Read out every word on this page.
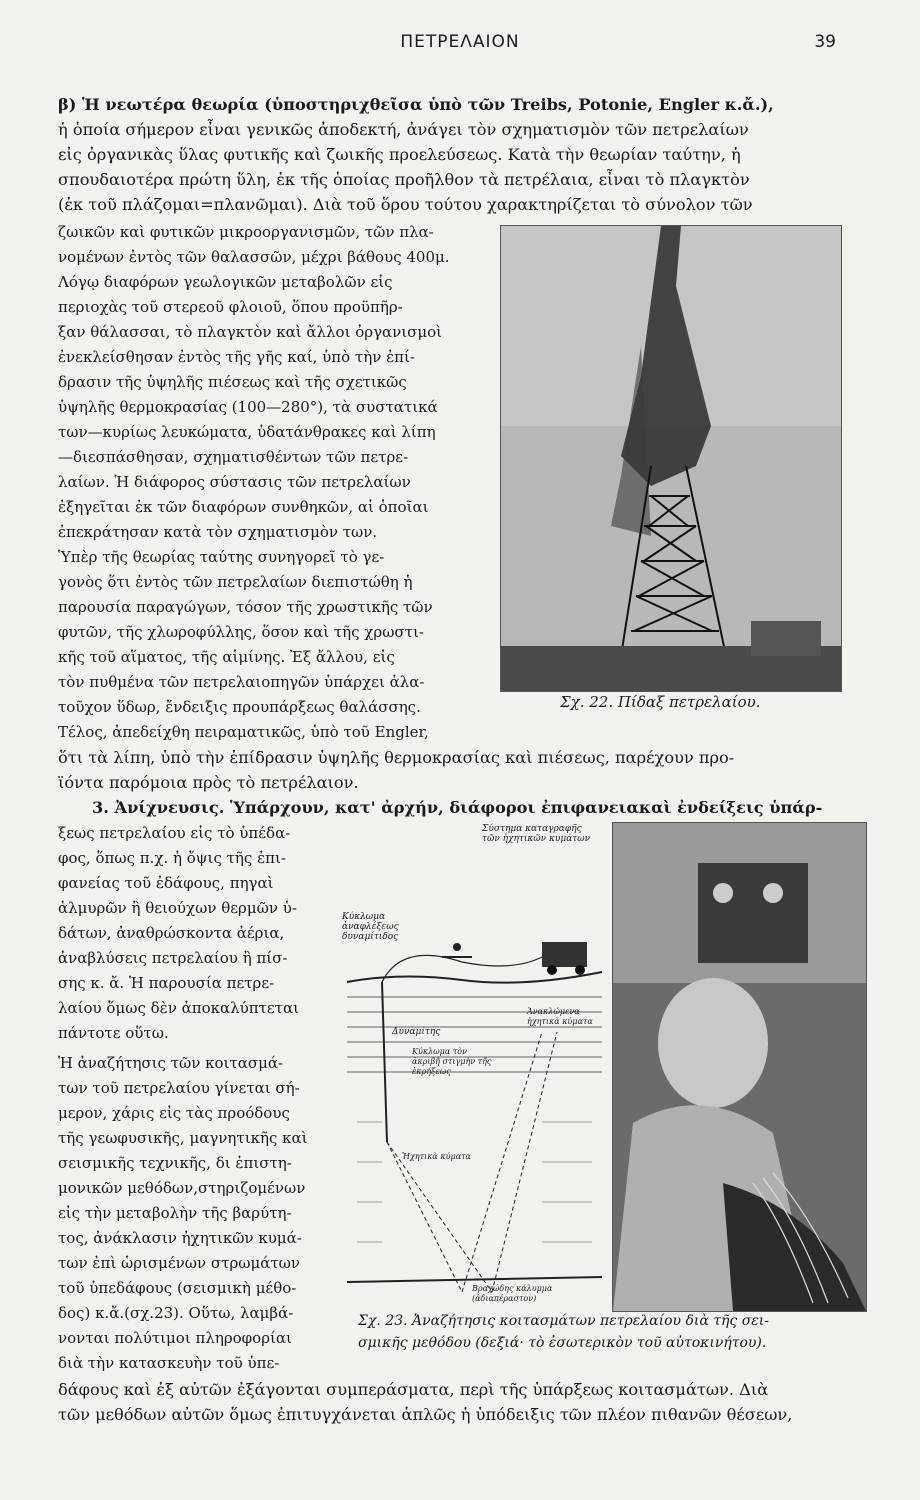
ΠΕΤΡΕΛΑΙΟΝ	39
β) Ἡ νεωτέρα θεωρία (ὑποστηριχθεῖσα ὑπὸ τῶν Treibs, Potonie, Engler κ.ἄ.),
ἡ ὁποία σήμερον εἶναι γενικῶς ἀποδεκτή, ἀνάγει τὸν σχηματισμὸν τῶν πετρελαίων
εἰς ὀργανικὰς ὕλας φυτικῆς καὶ ζωικῆς προελεύσεως. Κατὰ τὴν θεωρίαν ταύτην, ἡ
σπουδαιοτέρα πρώτη ὕλη, ἐκ τῆς ὁποίας προῆλθον τὰ πετρέλαια, εἶναι τὸ πλαγκτὸν
(ἐκ τοῦ πλάζομαι=πλανῶμαι). Διὰ τοῦ ὅρου τούτου χαρακτηρίζεται τὸ σύνολον τῶν
ζωικῶν καὶ φυτικῶν μικροοργανισμῶν, τῶν πλα-
νομένων ἐντὸς τῶν θαλασσῶν, μέχρι βάθους 400μ.
Λόγῳ διαφόρων γεωλογικῶν μεταβολῶν εἰς
περιοχὰς τοῦ στερεοῦ φλοιοῦ, ὅπου προϋπῆρ-
ξαν θάλασσαι, τὸ πλαγκτὸν καὶ ἄλλοι ὀργανισμοὶ
ἐνεκλείσθησαν ἐντὸς τῆς γῆς καί, ὑπὸ τὴν ἐπί-
δρασιν τῆς ὑψηλῆς πιέσεως καὶ τῆς σχετικῶς
ὑψηλῆς θερμοκρασίας (100—280°), τὰ συστατικά
των—κυρίως λευκώματα, ὑδατάνθρακες καὶ λίπη
—διεσπάσθησαν, σχηματισθέντων τῶν πετρε-
λαίων. Ἡ διάφορος σύστασις τῶν πετρελαίων
ἐξηγεῖται ἐκ τῶν διαφόρων συνθηκῶν, αἱ ὁποῖαι
ἐπεκράτησαν κατὰ τὸν σχηματισμὸν των.
Ὑπὲρ τῆς θεωρίας ταύτης συνηγορεῖ τὸ γε-
γονὸς ὅτι ἐντὸς τῶν πετρελαίων διεπιστώθη ἡ
παρουσία παραγώγων, τόσον τῆς χρωστικῆς τῶν
φυτῶν, τῆς χλωροφύλλης, ὅσον καὶ τῆς χρωστι-
κῆς τοῦ αἵματος, τῆς αἱμίνης. Ἐξ ἄλλου, εἰς
τὸν πυθμένα τῶν πετρελαιοπηγῶν ὑπάρχει ἁλα-
τοῦχον ὕδωρ, ἔνδειξις προυπάρξεως θαλάσσης.
Τέλος, ἀπεδείχθη πειραματικῶς, ὑπὸ τοῦ Engler,
ὅτι τὰ λίπη, ὑπὸ τὴν ἐπίδρασιν ὑψηλῆς θερμοκρασίας καὶ πιέσεως, παρέχουν προ-
ϊόντα παρόμοια πρὸς τὸ πετρέλαιον.
3. Ἀνίχνευσις. Ὑπάρχουν, κατ' ἀρχήν, διάφοροι ἐπιφανειακαὶ ἐνδείξεις ὑπάρ-
ξεως πετρελαίου εἰς τὸ ὑπέδα-
φος, ὅπως π.χ. ἡ ὄψις τῆς ἐπι-
φανείας τοῦ ἐδάφους, πηγαὶ
ἁλμυρῶν ἢ θειούχων θερμῶν ὑ-
δάτων, ἀναθρώσκοντα ἀέρια,
ἀναβλύσεις πετρελαίου ἢ πίσ-
σης κ. ἄ. Ἡ παρουσία πετρε-
λαίου ὅμως δὲν ἀποκαλύπτεται
πάντοτε οὕτω.
Ἡ ἀναζήτησις τῶν κοιτασμά-
των τοῦ πετρελαίου γίνεται σή-
μερον, χάρις εἰς τὰς προόδους
τῆς γεωφυσικῆς, μαγνητικῆς καὶ
σεισμικῆς τεχνικῆς, δι ἐπιστη-
μονικῶν μεθόδων,στηριζομένων
εἰς τὴν μεταβολὴν τῆς βαρύτη-
τος, ἀνάκλασιν ἠχητικῶν κυμά-
των ἐπὶ ὡρισμένων στρωμάτων
τοῦ ὑπεδάφους (σεισμικὴ μέθο-
δος) κ.ἄ.(σχ.23). Οὕτω, λαμβά-
νονται πολύτιμοι πληροφορίαι
διὰ τὴν κατασκευὴν τοῦ ὑπε-
δάφους καὶ ἐξ αὐτῶν ἐξάγονται συμπεράσματα, περὶ τῆς ὑπάρξεως κοιτασμάτων. Διὰ
τῶν μεθόδων αὐτῶν ὅμως ἐπιτυγχάνεται ἁπλῶς ἡ ὑπόδειξις τῶν πλέον πιθανῶν θέσεων,
Σχ. 22. Πίδαξ πετρελαίου.
Σύστημα καταγραφῆς τῶν ἠχητικῶν κυμάτων
Κύκλωμα ἀναφλέξεως δυναμίτιδος
Δυναμίτης
Κύκλωμα τὸν ἀκριβῆ στιγμὴν τῆς ἐκρήξεως
Ἀνακλώμενα ἠχητικὰ κύματα
Ἠχητικὰ κύματα
Βραχώδης κάλυμμα (ἀδιαπέραστον)
Σχ. 23. Ἀναζήτησις κοιτασμάτων πετρελαίου διὰ τῆς σει-
σμικῆς μεθόδου (δεξιά· τὸ ἐσωτερικὸν τοῦ αὐτοκινήτου).
